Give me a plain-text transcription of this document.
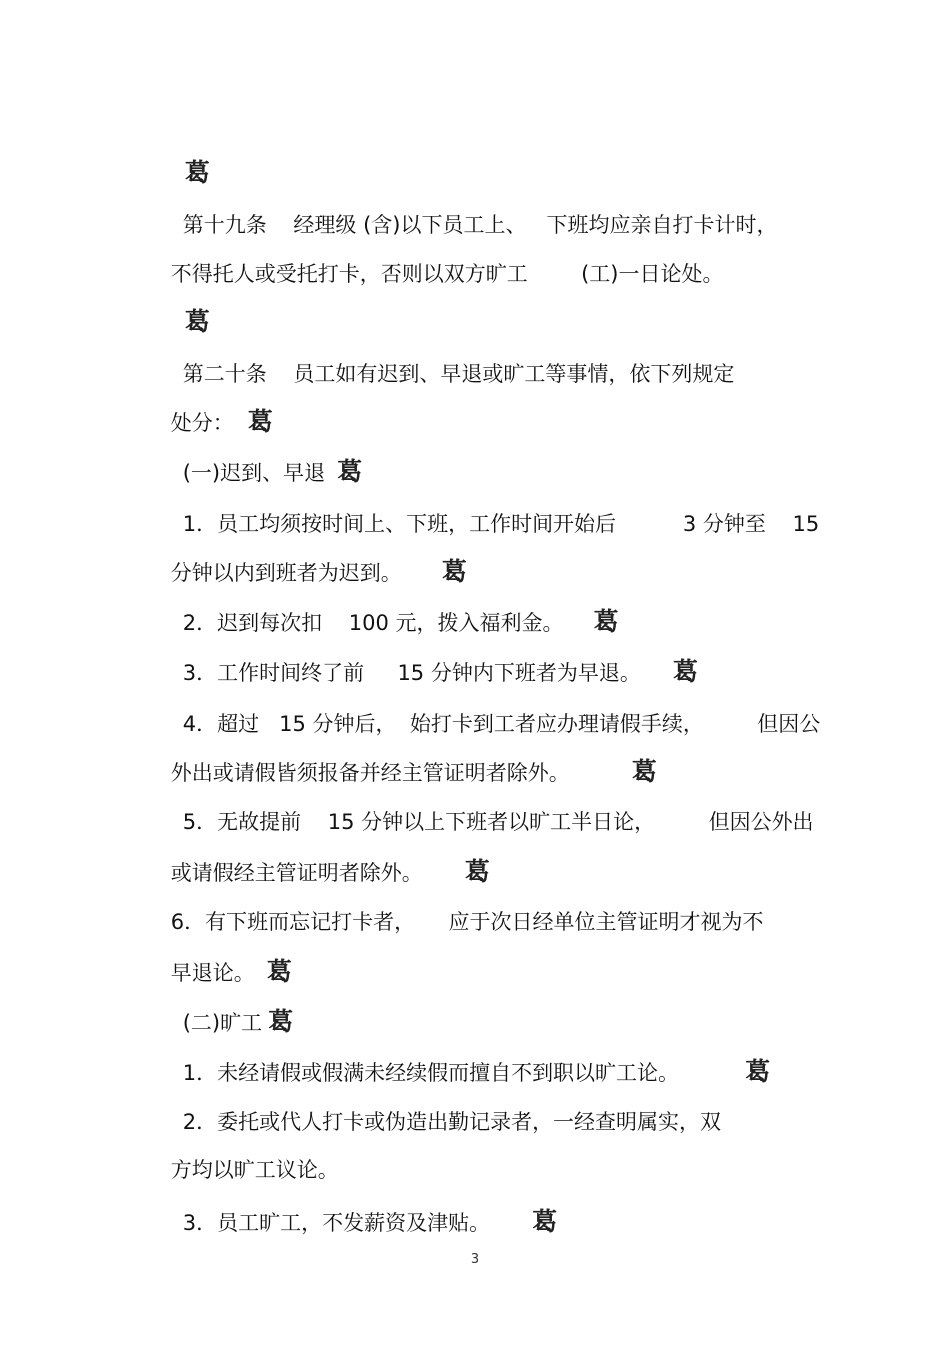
葛

第十九条    经理级 (含)以下员工上、   下班均应亲自打卡计时，

不得托人或受托打卡，否则以双方旷工        (工)一日论处。

葛

第二十条    员工如有迟到、早退或旷工等事情，依下列规定

处分： 葛

(一)迟到、早退 葛

1．员工均须按时间上、下班，工作时间开始后          3 分钟至    15

分钟以内到班者为迟到。 葛

2．迟到每次扣    100 元，拨入福利金。 葛

3．工作时间终了前     15 分钟内下班者为早退。 葛

4．超过   15 分钟后，  始打卡到工者应办理请假手续，        但因公

外出或请假皆须报备并经主管证明者除外。 葛

5．无故提前    15 分钟以上下班者以旷工半日论，        但因公外出

或请假经主管证明者除外。 葛

6．有下班而忘记打卡者，     应于次日经单位主管证明才视为不

早退论。 葛

(二)旷工 葛

1．未经请假或假满未经续假而擅自不到职以旷工论。	葛

2．委托或代人打卡或伪造出勤记录者，一经查明属实，双

方均以旷工议论。

3．员工旷工，不发薪资及津贴。 葛

3
